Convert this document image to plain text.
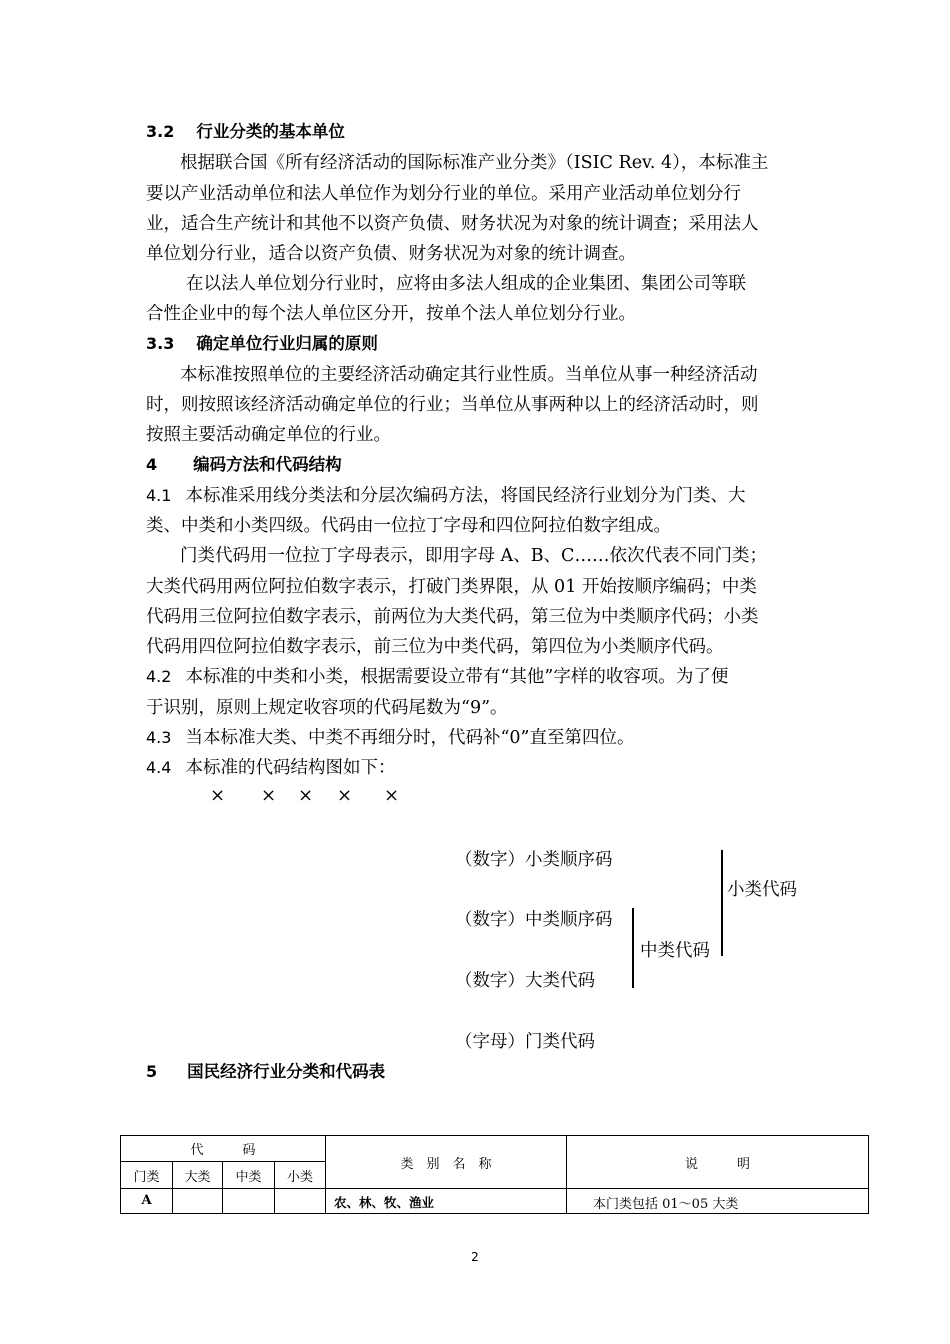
3.2 行业分类的基本单位
根据联合国《所有经济活动的国际标准产业分类》（ISIC Rev. 4），本标准主
要以产业活动单位和法人单位作为划分行业的单位。采用产业活动单位划分行
业，适合生产统计和其他不以资产负债、财务状况为对象的统计调查；采用法人
单位划分行业，适合以资产负债、财务状况为对象的统计调查。
在以法人单位划分行业时，应将由多法人组成的企业集团、集团公司等联
合性企业中的每个法人单位区分开，按单个法人单位划分行业。
3.3 确定单位行业归属的原则
本标准按照单位的主要经济活动确定其行业性质。当单位从事一种经济活动
时，则按照该经济活动确定单位的行业；当单位从事两种以上的经济活动时，则
按照主要活动确定单位的行业。
4 编码方法和代码结构
4.1 本标准采用线分类法和分层次编码方法，将国民经济行业划分为门类、大
类、中类和小类四级。代码由一位拉丁字母和四位阿拉伯数字组成。
门类代码用一位拉丁字母表示，即用字母 A、B、C……依次代表不同门类；
大类代码用两位阿拉伯数字表示，打破门类界限，从 01 开始按顺序编码；中类
代码用三位阿拉伯数字表示，前两位为大类代码，第三位为中类顺序代码；小类
代码用四位阿拉伯数字表示，前三位为中类代码，第四位为小类顺序代码。
4.2 本标准的中类和小类，根据需要设立带有“其他”字样的收容项。为了便
于识别，原则上规定收容项的代码尾数为“9”。
4.3 当本标准大类、中类不再细分时，代码补“0”直至第四位。
4.4 本标准的代码结构图如下：
× × × × ×
（数字）小类顺序码
（数字）中类顺序码
（数字）大类代码
（字母）门类代码
中类代码
小类代码
5 国民经济行业分类和代码表
代　　　码				类　别　名　称	说　　　明
门类	大类	中类	小类		
A				农、林、牧、渔业	本门类包括 01～05 大类
2
